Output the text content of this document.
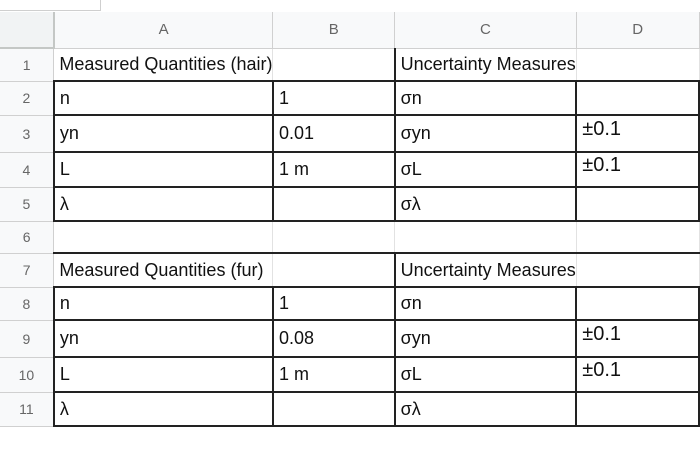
	A	B	C	D
1	Measured Quantities (hair)		Uncertainty Measures	
2	n	1	σn	
3	yn	0.01	σyn	±0.1
4	L	1 m	σL	±0.1
5	λ		σλ	
6				
7	Measured Quantities (fur)		Uncertainty Measures	
8	n	1	σn	
9	yn	0.08	σyn	±0.1
10	L	1 m	σL	±0.1
11	λ		σλ	
